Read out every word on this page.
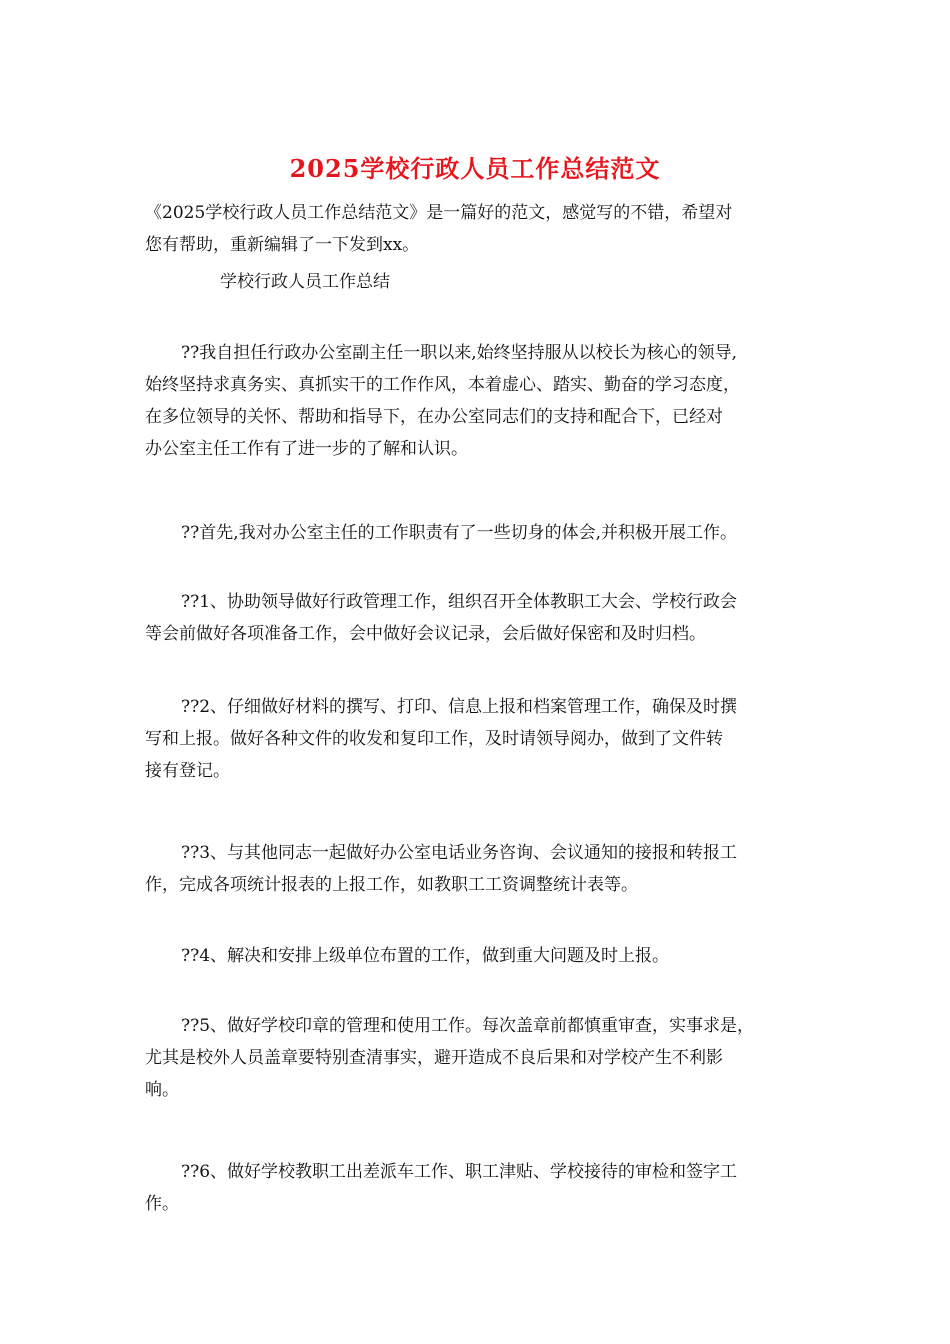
2025学校行政人员工作总结范文
《2025学校行政人员工作总结范文》是一篇好的范文，感觉写的不错，希望对
您有帮助，重新编辑了一下发到xx。
学校行政人员工作总结
??我自担任行政办公室副主任一职以来,始终坚持服从以校长为核心的领导,
始终坚持求真务实、真抓实干的工作作风，本着虚心、踏实、勤奋的学习态度，
在多位领导的关怀、帮助和指导下，在办公室同志们的支持和配合下，已经对
办公室主任工作有了进一步的了解和认识。
??首先,我对办公室主任的工作职责有了一些切身的体会,并积极开展工作。
??1、协助领导做好行政管理工作，组织召开全体教职工大会、学校行政会
等会前做好各项准备工作，会中做好会议记录，会后做好保密和及时归档。
??2、仔细做好材料的撰写、打印、信息上报和档案管理工作，确保及时撰
写和上报。做好各种文件的收发和复印工作，及时请领导阅办，做到了文件转
接有登记。
??3、与其他同志一起做好办公室电话业务咨询、会议通知的接报和转报工
作，完成各项统计报表的上报工作，如教职工工资调整统计表等。
??4、解决和安排上级单位布置的工作，做到重大问题及时上报。
??5、做好学校印章的管理和使用工作。每次盖章前都慎重审查，实事求是，
尤其是校外人员盖章要特别查清事实，避开造成不良后果和对学校产生不利影
响。
??6、做好学校教职工出差派车工作、职工津贴、学校接待的审检和签字工
作。
